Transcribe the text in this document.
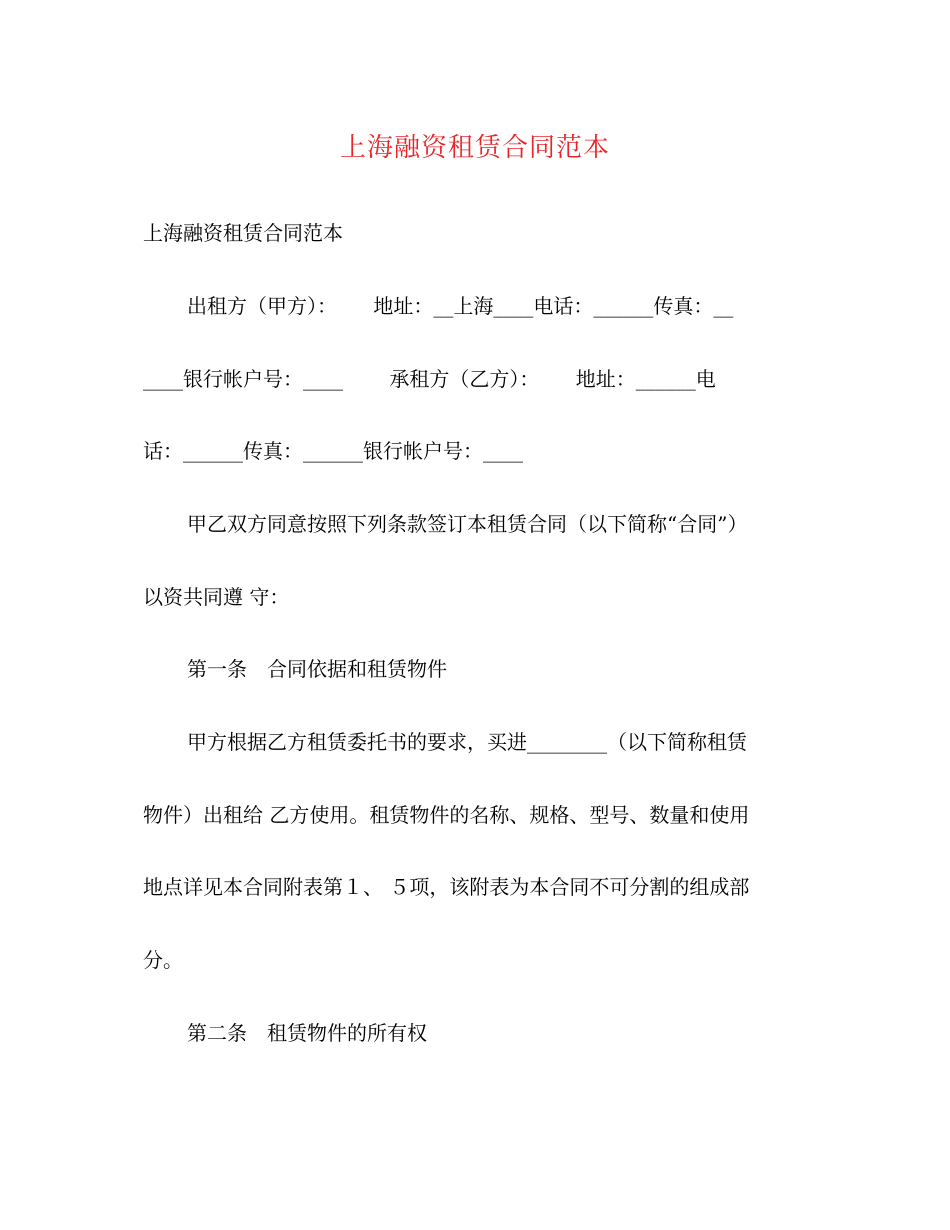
上海融资租赁合同范本
上海融资租赁合同范本
出租方（甲方）：　　 地址：__上海____电话：______传真：__
____银行帐户号：____　　 承租方（乙方）：　　 地址：______电
话：______传真：______银行帐户号：____
甲乙双方同意按照下列条款签订本租赁合同（以下简称“合同”）
以资共同遵 守：
第一条　合同依据和租赁物件
甲方根据乙方租赁委托书的要求，买进________（以下简称租赁
物件）出租给 乙方使用。租赁物件的名称、规格、型号、数量和使用
地点详见本合同附表第１、 ５项，该附表为本合同不可分割的组成部
分。
第二条　租赁物件的所有权
